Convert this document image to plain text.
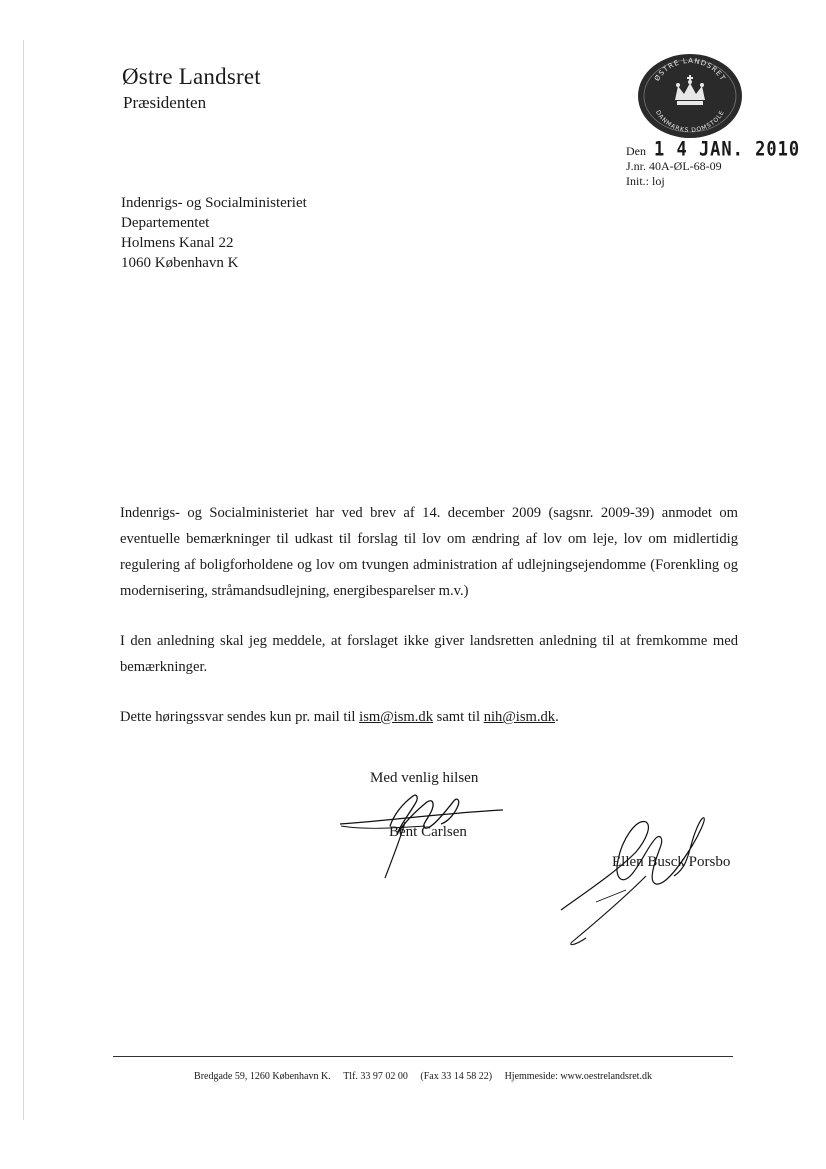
Østre Landsret
Præsidenten
ØSTRE LANDSRET
DANMARKS DOMSTOLE
Den 1 4 JAN. 2010
J.nr. 40A-ØL-68-09
Init.: loj
Indenrigs- og Socialministeriet
Departementet
Holmens Kanal 22
1060 København K

Indenrigs- og Socialministeriet har ved brev af 14. december 2009 (sagsnr. 2009-39) anmodet om eventuelle bemærkninger til udkast til forslag til lov om ændring af lov om leje, lov om midlertidig regulering af boligforholdene og lov om tvungen administration af udlejningsejendomme (Forenkling og modernisering, stråmandsudlejning, energibesparelser m.v.)

I den anledning skal jeg meddele, at forslaget ikke giver landsretten anledning til at fremkomme med bemærkninger.

Dette høringssvar sendes kun pr. mail til ism@ism.dk samt til nih@ism.dk.

Med venlig hilsen
Bent Carlsen
Ellen Busck Porsbo
Bredgade 59, 1260 København K. Tlf. 33 97 02 00 (Fax 33 14 58 22) Hjemmeside: www.oestrelandsret.dk
